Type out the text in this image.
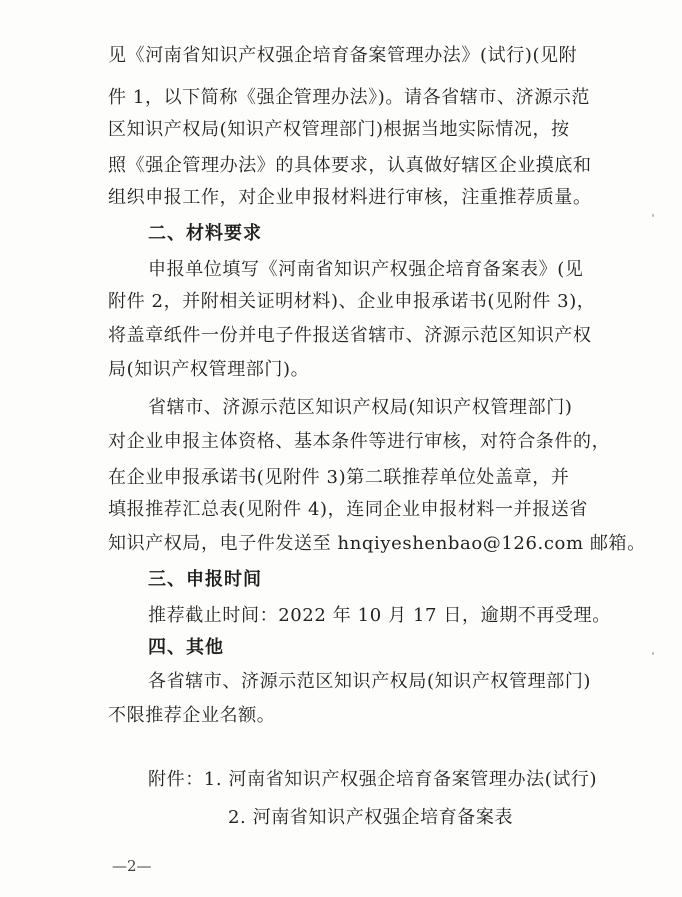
见《河南省知识产权强企培育备案管理办法》(试行)(见附
件 1，以下简称《强企管理办法》)。请各省辖市、济源示范
区知识产权局(知识产权管理部门)根据当地实际情况，按
照《强企管理办法》的具体要求，认真做好辖区企业摸底和
组织申报工作，对企业申报材料进行审核，注重推荐质量。
二、材料要求
申报单位填写《河南省知识产权强企培育备案表》(见
附件 2，并附相关证明材料)、企业申报承诺书(见附件 3)，
将盖章纸件一份并电子件报送省辖市、济源示范区知识产权
局(知识产权管理部门)。
省辖市、济源示范区知识产权局(知识产权管理部门)
对企业申报主体资格、基本条件等进行审核，对符合条件的，
在企业申报承诺书(见附件 3)第二联推荐单位处盖章，并
填报推荐汇总表(见附件 4)，连同企业申报材料一并报送省
知识产权局，电子件发送至 hnqiyeshenbao@126.com 邮箱。
三、申报时间
推荐截止时间：2022 年 10 月 17 日，逾期不再受理。
四、其他
各省辖市、济源示范区知识产权局(知识产权管理部门)
不限推荐企业名额。
附件：1. 河南省知识产权强企培育备案管理办法(试行)
2. 河南省知识产权强企培育备案表
—2—
